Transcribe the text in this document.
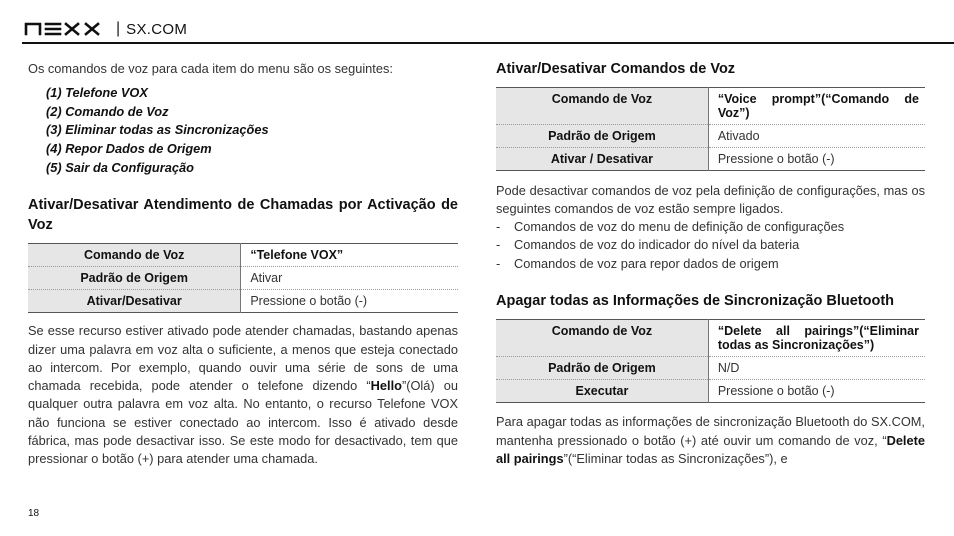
| SX.COM

Os comandos de voz para cada item do menu são os seguintes:

(1) Telefone VOX
(2) Comando de Voz
(3) Eliminar todas as Sincronizações
(4) Repor Dados de Origem
(5) Sair da Configuração
Ativar/Desativar Atendimento de Chamadas por Activação de Voz
Comando de Voz	“Telefone VOX”
Padrão de Origem	Ativar
Ativar/Desativar	Pressione o botão (-)

Se esse recurso estiver ativado pode atender chamadas, bastando apenas dizer uma palavra em voz alta o suficiente, a menos que esteja conectado ao intercom. Por exemplo, quando ouvir uma série de sons de uma chamada recebida, pode atender o telefone dizendo “Hello”(Olá) ou qualquer outra palavra em voz alta. No entanto, o recurso Telefone VOX não funciona se estiver conectado ao intercom. Isso é ativado desde fábrica, mas pode desactivar isso. Se este modo for desactivado, tem que pressionar o botão (+) para atender uma chamada.

Ativar/Desativar Comandos de Voz
Comando de Voz	“Voice prompt”(“Comando de Voz”)
Padrão de Origem	Ativado
Ativar / Desativar	Pressione o botão (-)

Pode desactivar comandos de voz pela definição de configurações, mas os seguintes comandos de voz estão sempre ligados.

- Comandos de voz do menu de definição de configurações
- Comandos de voz do indicador do nível da bateria
- Comandos de voz para repor dados de origem
Apagar todas as Informações de Sincronização Bluetooth
Comando de Voz	“Delete all pairings”(“Eliminar todas as Sincronizações”)
Padrão de Origem	N/D
Executar	Pressione o botão (-)

Para apagar todas as informações de sincronização Bluetooth do SX.COM, mantenha pressionado o botão (+) até ouvir um comando de voz, “Delete all pairings”(“Eliminar todas as Sincronizações”), e

18
